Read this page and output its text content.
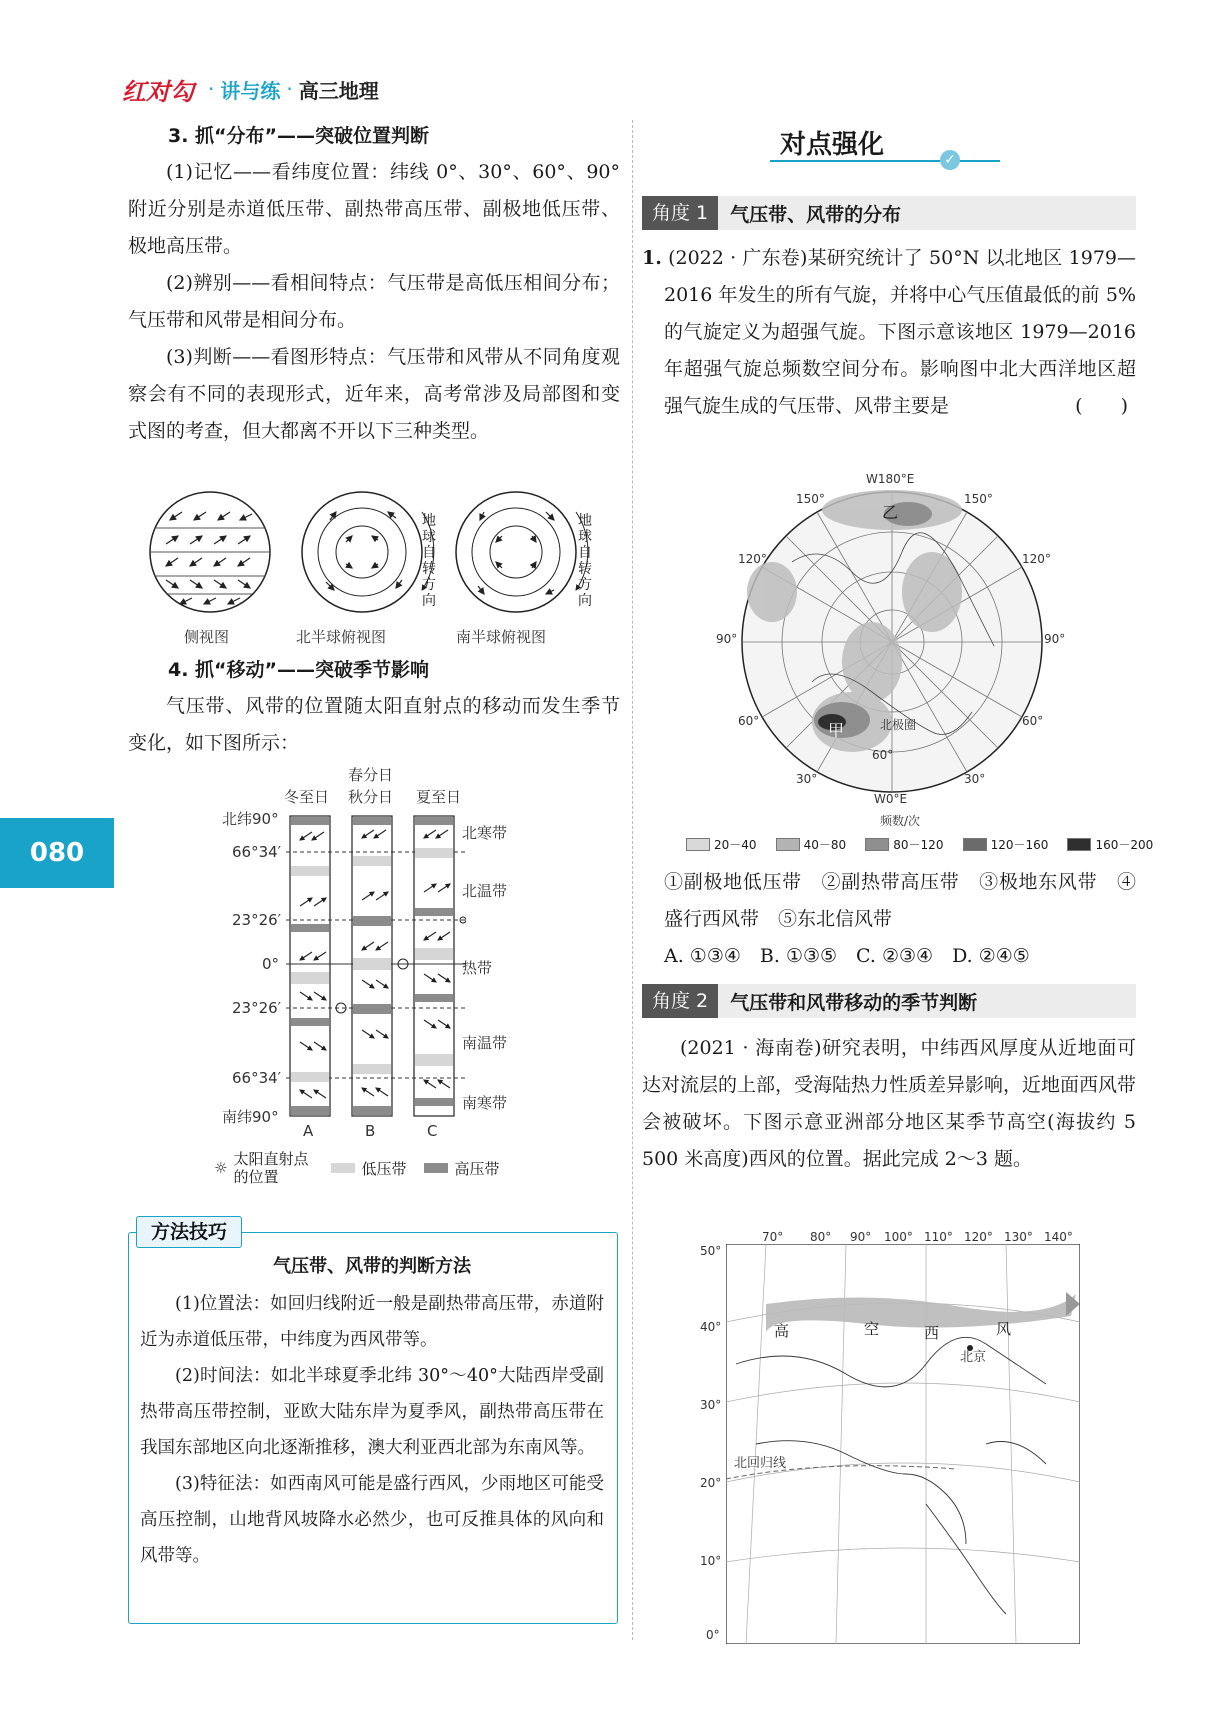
红对勾 · 讲与练 · 高三地理
080
3. 抓“分布”——突破位置判断

(1)记忆——看纬度位置：纬线 0°、30°、60°、90°附近分别是赤道低压带、副热带高压带、副极地低压带、极地高压带。

(2)辨别——看相间特点：气压带是高低压相间分布；气压带和风带是相间分布。

(3)判断——看图形特点：气压带和风带从不同角度观察会有不同的表现形式，近年来，高考常涉及局部图和变式图的考查，但大都离不开以下三种类型。

地球自转方向
地球自转方向
侧视图	北半球俯视图	南半球俯视图
4. 抓“移动”——突破季节影响

气压带、风带的位置随太阳直射点的移动而发生季节变化，如下图所示：

春分日
冬至日 秋分日 夏至日
北纬90°
66°34′
23°26′
0°
23°26′
66°34′
南纬90°
北寒带
北温带
热带
南温带
南寒带
A	B	C
☼ 太阳直射点的位置	低压带	高压带
方法技巧
气压带、风带的判断方法

(1)位置法：如回归线附近一般是副热带高压带，赤道附近为赤道低压带，中纬度为西风带等。

(2)时间法：如北半球夏季北纬 30°～40°大陆西岸受副热带高压带控制，亚欧大陆东岸为夏季风，副热带高压带在我国东部地区向北逐渐推移，澳大利亚西北部为东南风等。

(3)特征法：如西南风可能是盛行西风，少雨地区可能受高压控制，山地背风坡降水必然少，也可反推具体的风向和风带等。

对点强化	✓
角度 1	气压带、风带的分布

1. (2022 · 广东卷)某研究统计了 50°N 以北地区 1979—2016 年发生的所有气旋，并将中心气压值最低的前 5% 的气旋定义为超强气旋。下图示意该地区 1979—2016 年超强气旋总频数空间分布。影响图中北大西洋地区超强气旋生成的气压带、风带主要是	(　　)

W180°E
W0°E
150°	150°
120°	120°
90°	90°
60°	60°
30°	30°
60°
乙
甲	北极圈
频数/次
20－40
	40－80
	80－120
	120－160
	160－200

①副极地低压带　②副热带高压带　③极地东风带　④盛行西风带　⑤东北信风带

A. ①③④　B. ①③⑤　C. ②③④　D. ②④⑤

角度 2	气压带和风带移动的季节判断

(2021 · 海南卷)研究表明，中纬西风厚度从近地面可达对流层的上部，受海陆热力性质差异影响，近地面西风带会被破坏。下图示意亚洲部分地区某季节高空(海拔约 5 500 米高度)西风的位置。据此完成 2～3 题。

高	空	西	风
北京
北回归线
70° 80° 90° 100° 110° 120° 130° 140°
50°
40°
30°
20°
10°
0°
